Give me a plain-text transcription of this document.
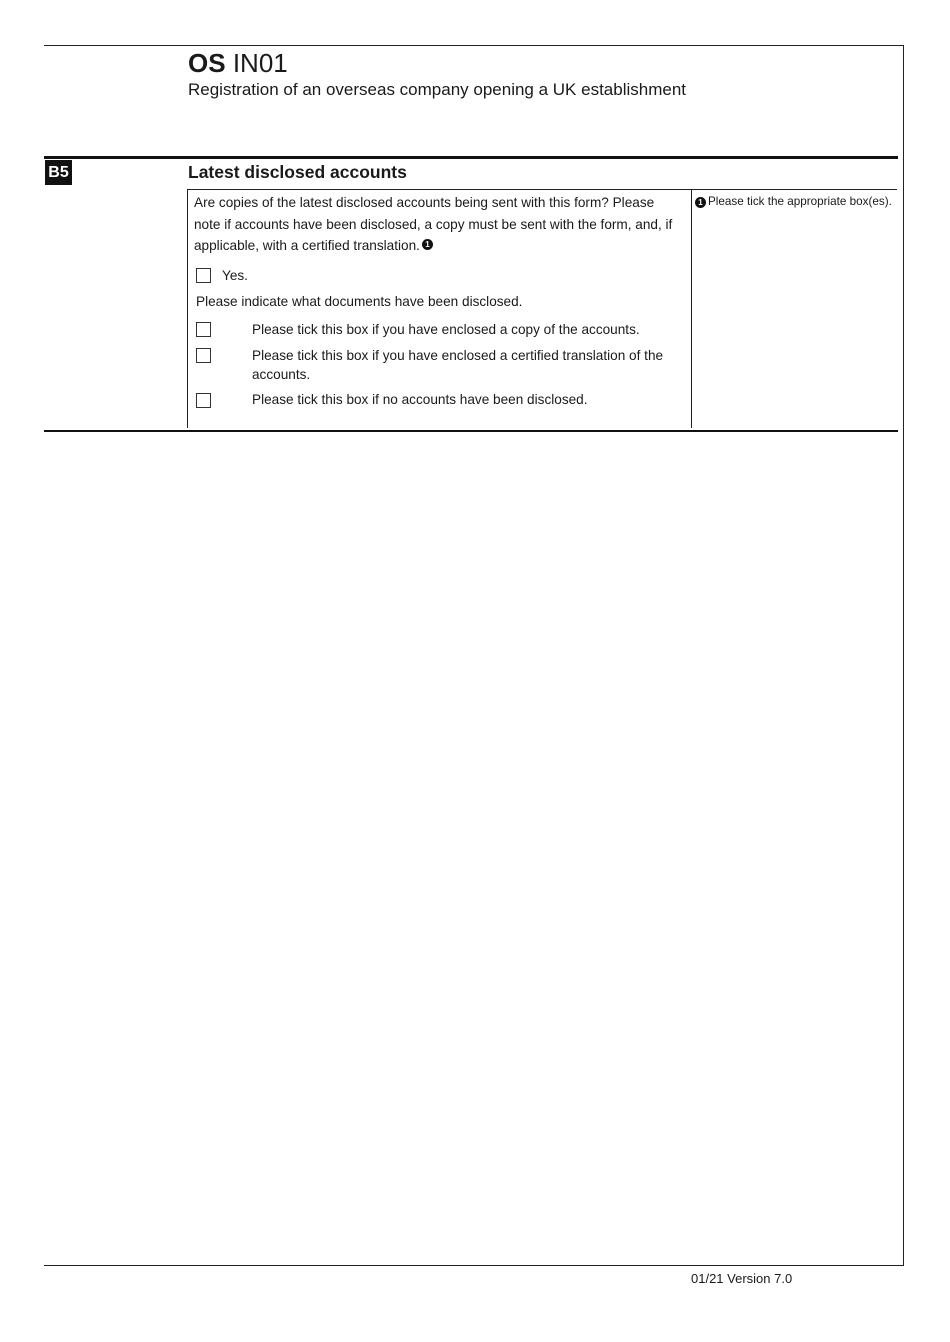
OS IN01
Registration of an overseas company opening a UK establishment
B5	Latest disclosed accounts
Are copies of the latest disclosed accounts being sent with this form? Please note if accounts have been disclosed, a copy must be sent with the form, and, if applicable, with a certified translation. 1
1 Please tick the appropriate box(es).
Yes.
Please indicate what documents have been disclosed.
Please tick this box if you have enclosed a copy of the accounts.
Please tick this box if you have enclosed a certified translation of the accounts.
Please tick this box if no accounts have been disclosed.
01/21 Version 7.0
